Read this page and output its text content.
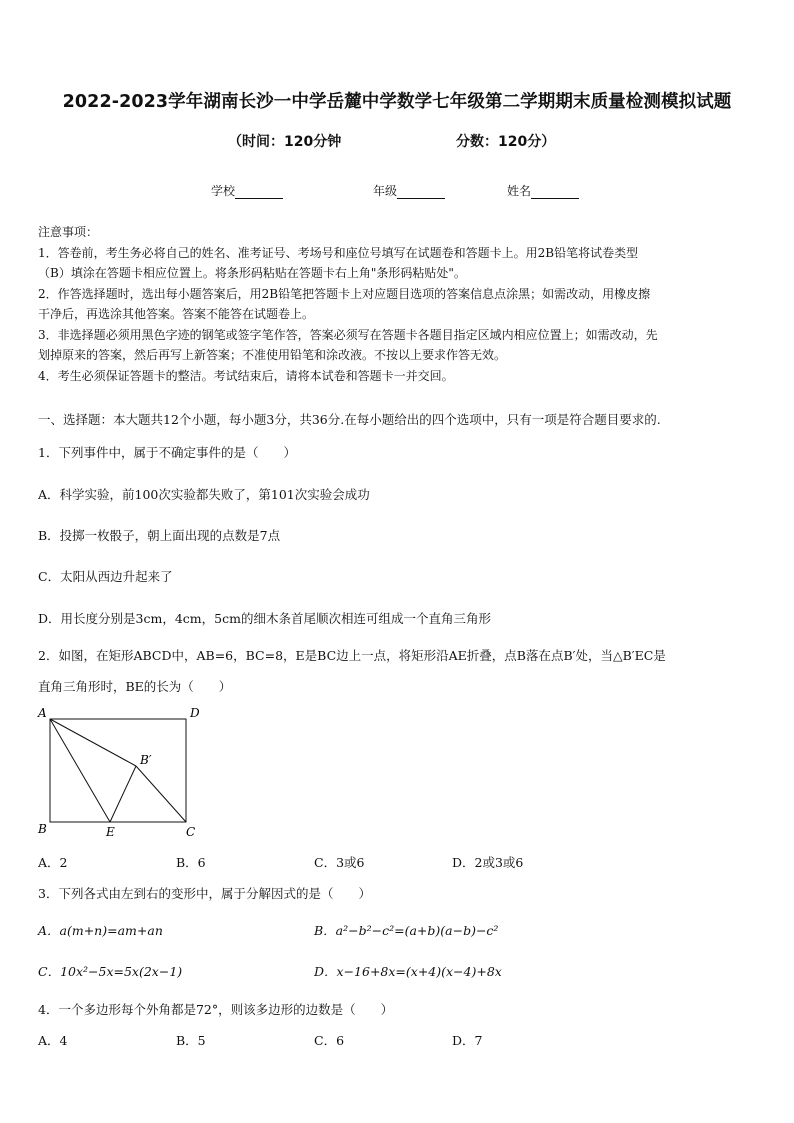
2022-2023学年湖南长沙一中学岳麓中学数学七年级第二学期期末质量检测模拟试题
（时间：120分钟	分数：120分）
学校	年级	姓名
注意事项：
1．答卷前，考生务必将自己的姓名、准考证号、考场号和座位号填写在试题卷和答题卡上。用2B铅笔将试卷类型
（B）填涂在答题卡相应位置上。将条形码粘贴在答题卡右上角"条形码粘贴处"。
2．作答选择题时，选出每小题答案后，用2B铅笔把答题卡上对应题目选项的答案信息点涂黑；如需改动，用橡皮擦
干净后，再选涂其他答案。答案不能答在试题卷上。
3．非选择题必须用黑色字迹的钢笔或签字笔作答，答案必须写在答题卡各题目指定区域内相应位置上；如需改动，先
划掉原来的答案，然后再写上新答案；不准使用铅笔和涂改液。不按以上要求作答无效。
4．考生必须保证答题卡的整洁。考试结束后，请将本试卷和答题卡一并交回。
一、选择题：本大题共12个小题，每小题3分，共36分.在每小题给出的四个选项中，只有一项是符合题目要求的.
1．下列事件中，属于不确定事件的是（　　）
A．科学实验，前100次实验都失败了，第101次实验会成功
B．投掷一枚骰子，朝上面出现的点数是7点
C．太阳从西边升起来了
D．用长度分别是3cm，4cm，5cm的细木条首尾顺次相连可组成一个直角三角形
2．如图，在矩形ABCD中，AB=6，BC=8，E是BC边上一点，将矩形沿AE折叠，点B落在点B′处，当△B′EC是
直角三角形时，BE的长为（　　）
A	D
B′
B	E	C
A．2	B．6	C．3或6	D．2或3或6
3．下列各式由左到右的变形中，属于分解因式的是（　　）
A．a(m+n)=am+an	B．a²−b²−c²=(a+b)(a−b)−c²
C．10x²−5x=5x(2x−1)	D．x−16+8x=(x+4)(x−4)+8x
4．一个多边形每个外角都是72°，则该多边形的边数是（　　）
A．4	B．5	C．6	D．7
